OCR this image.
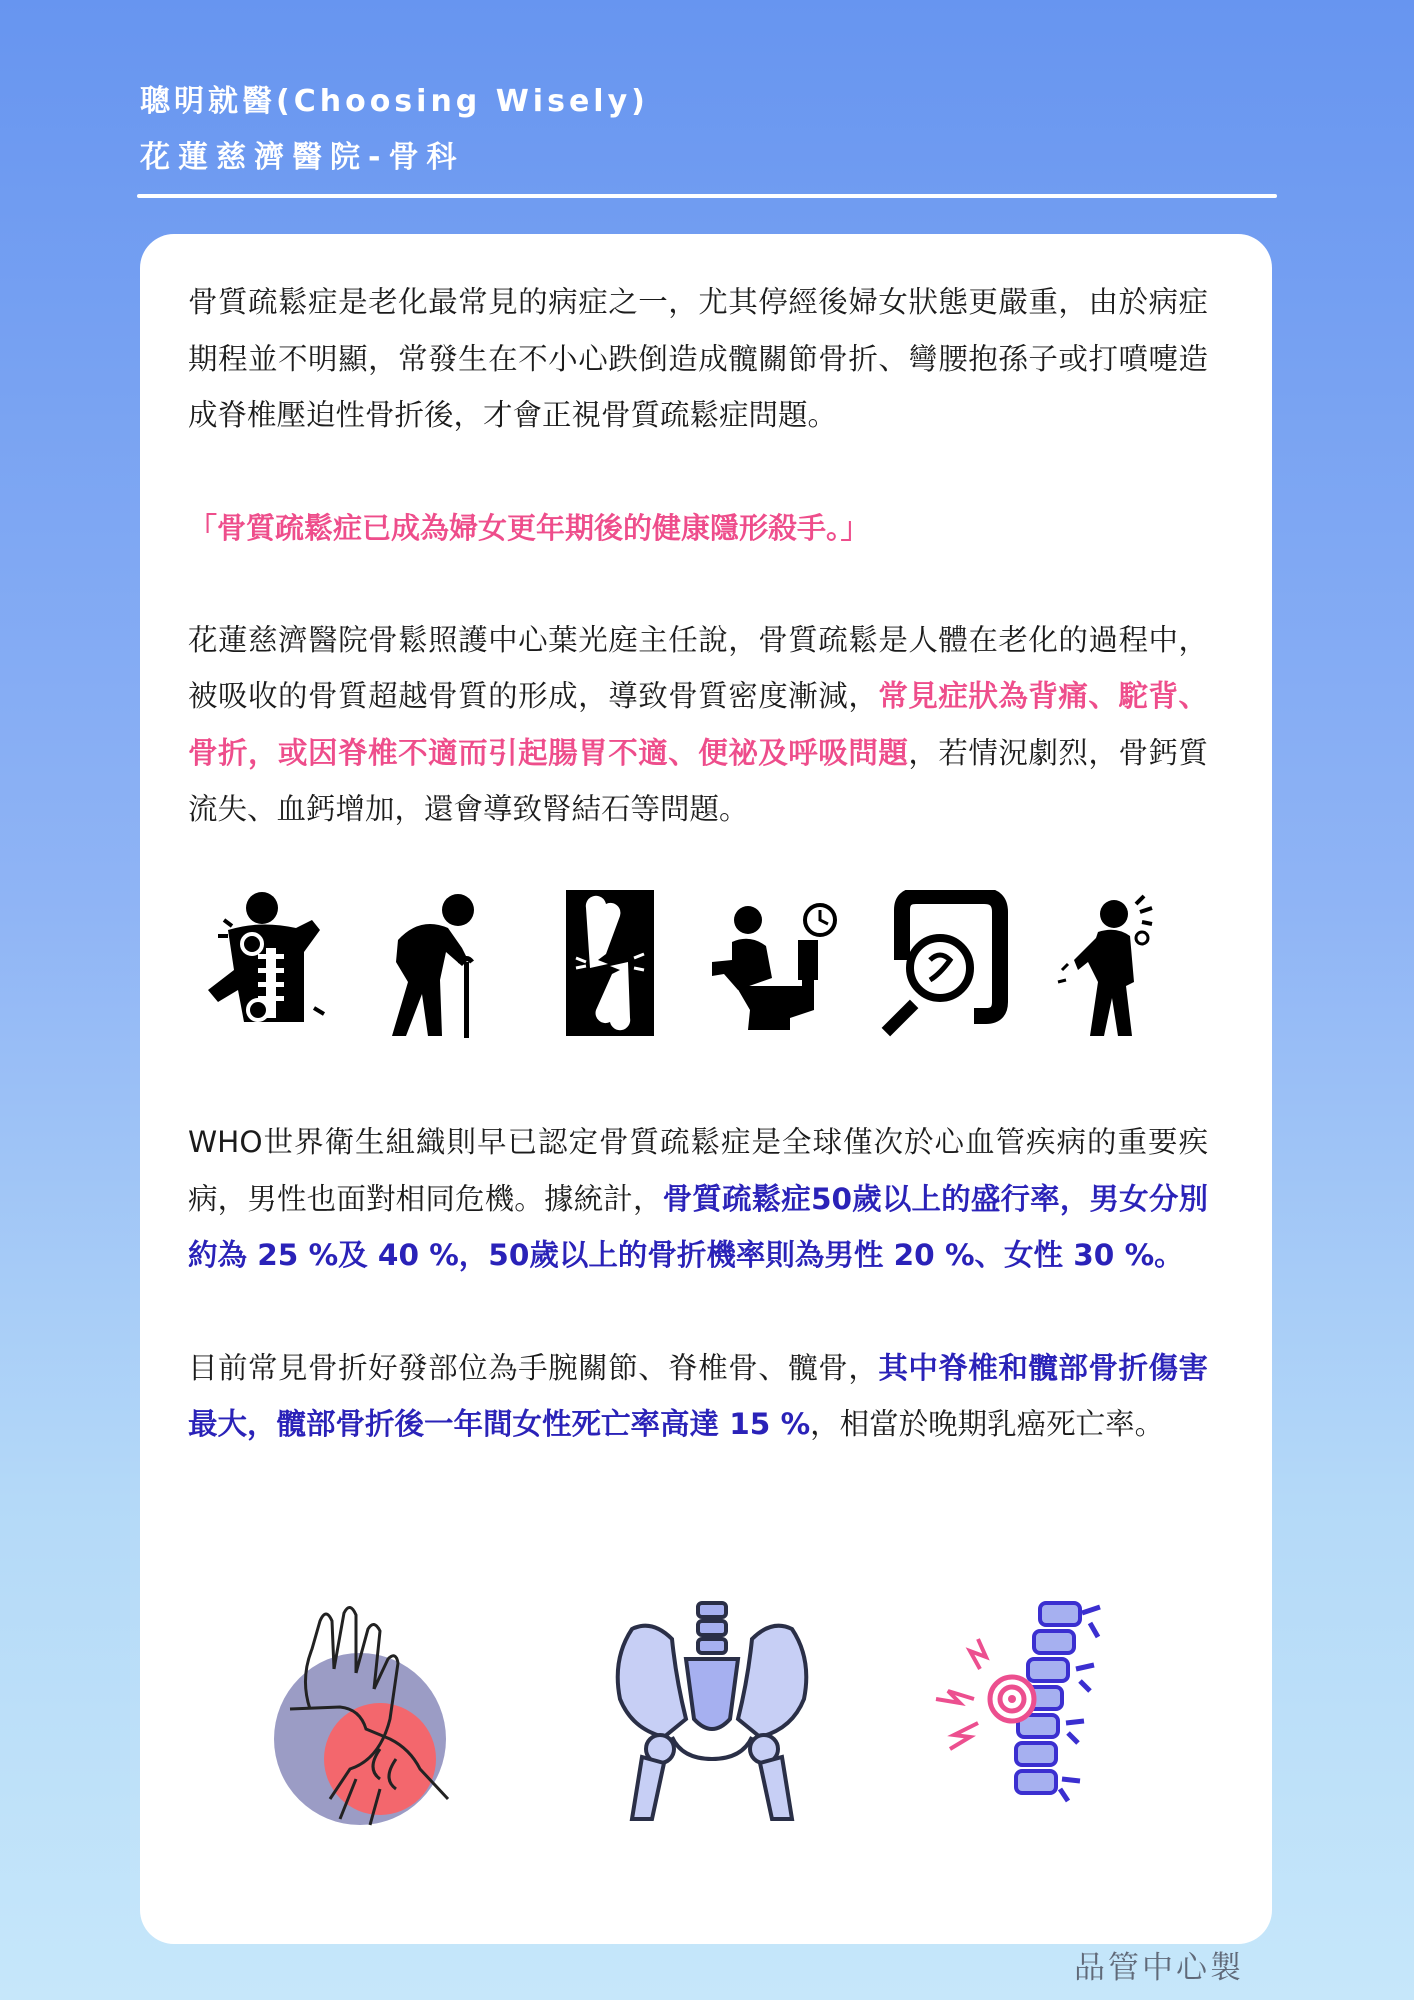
聰明就醫(Choosing Wisely)
花蓮慈濟醫院-骨科

骨質疏鬆症是老化最常見的病症之一，尤其停經後婦女狀態更嚴重，由於病症期程並不明顯，常發生在不小心跌倒造成髖關節骨折、彎腰抱孫子或打噴嚏造成脊椎壓迫性骨折後，才會正視骨質疏鬆症問題。

「骨質疏鬆症已成為婦女更年期後的健康隱形殺手。」

花蓮慈濟醫院骨鬆照護中心葉光庭主任說，骨質疏鬆是人體在老化的過程中，被吸收的骨質超越骨質的形成，導致骨質密度漸減，常見症狀為背痛、駝背、骨折，或因脊椎不適而引起腸胃不適、便祕及呼吸問題，若情況劇烈，骨鈣質流失、血鈣增加，還會導致腎結石等問題。

WHO世界衛生組織則早已認定骨質疏鬆症是全球僅次於心血管疾病的重要疾病，男性也面對相同危機。據統計，骨質疏鬆症50歲以上的盛行率，男女分別約為 25 %及 40 %，50歲以上的骨折機率則為男性 20 %、女性 30 %。

目前常見骨折好發部位為手腕關節、脊椎骨、髖骨，其中脊椎和髖部骨折傷害最大，髖部骨折後一年間女性死亡率高達 15 %，相當於晚期乳癌死亡率。

品管中心製
